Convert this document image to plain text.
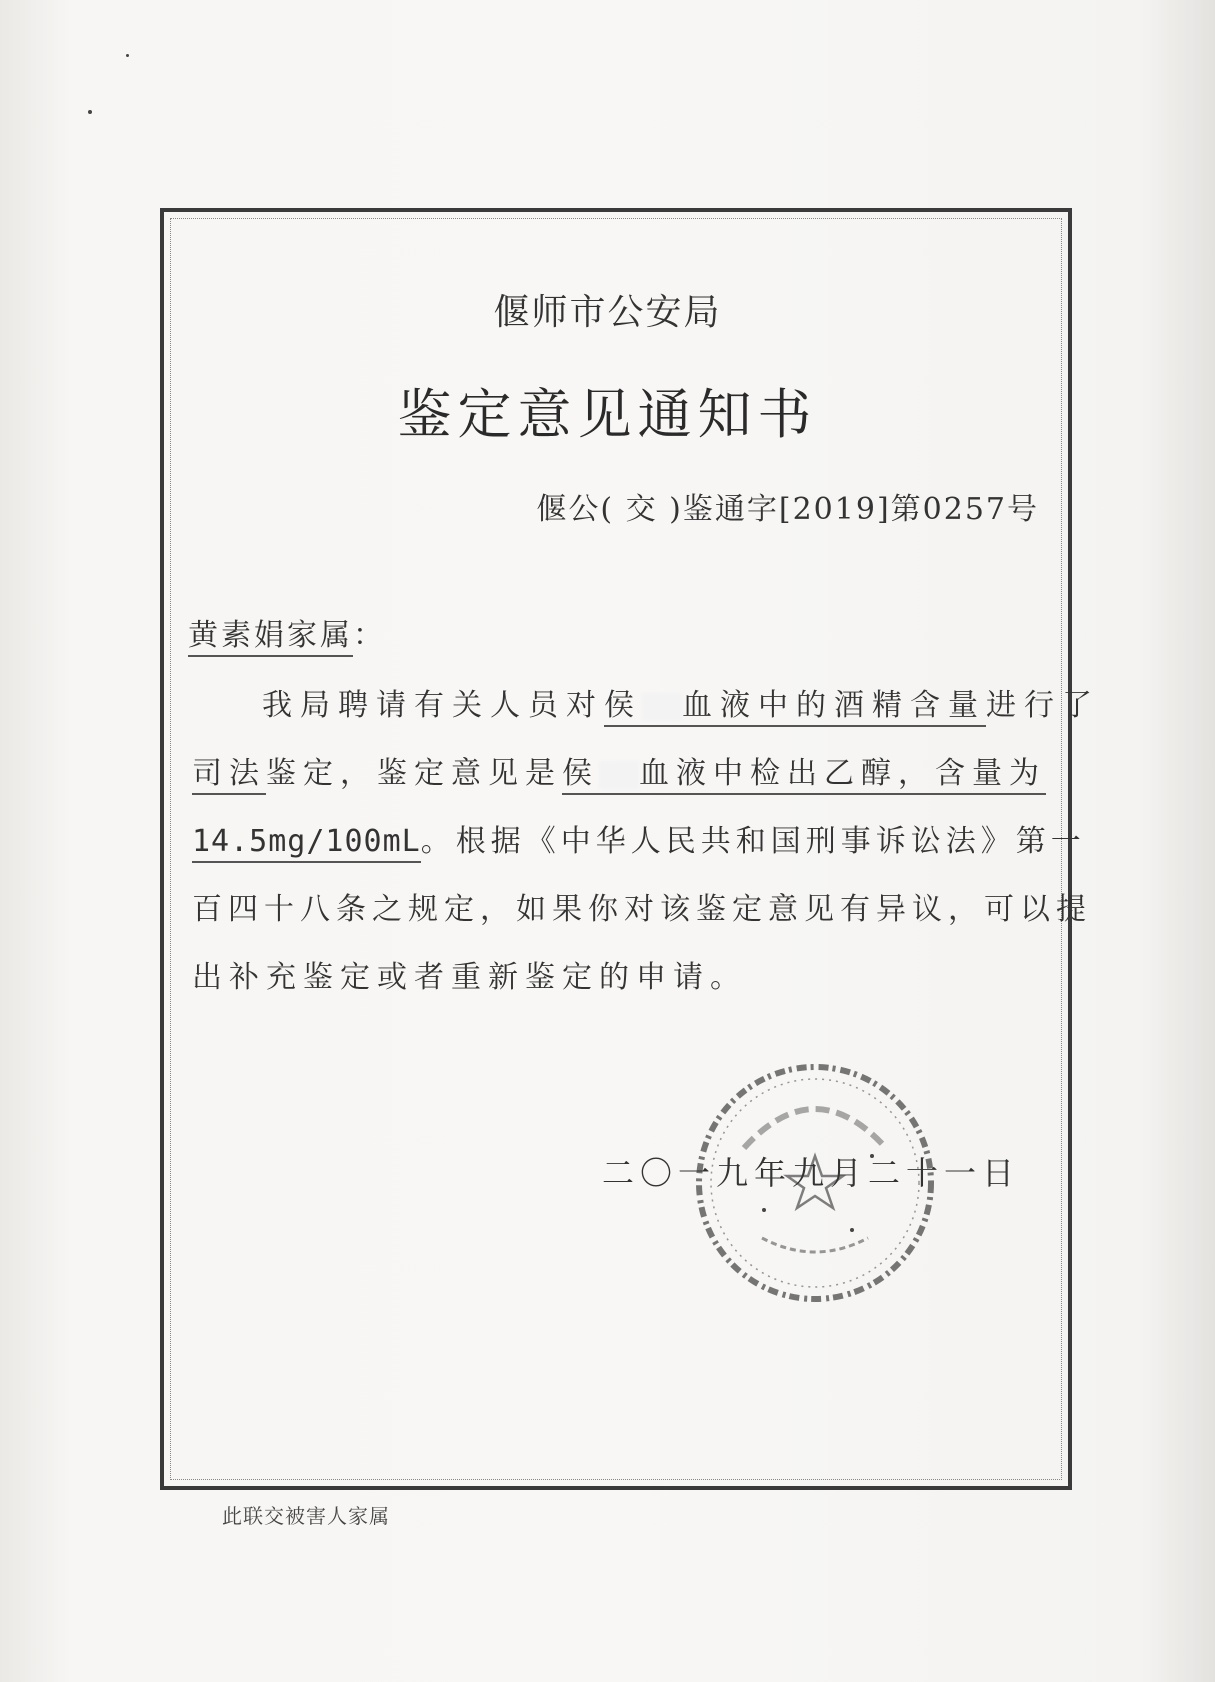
偃师市公安局
鉴定意见通知书
偃公( 交 )鉴通字[2019]第0257号
黄素娟家属：
我局聘请有关人员对侯 血液中的酒精含量进行了
司法鉴定，鉴定意见是侯 血液中检出乙醇，含量为
14.5mg/100mL。根据《中华人民共和国刑事诉讼法》第一
百四十八条之规定，如果你对该鉴定意见有异议，可以提
出补充鉴定或者重新鉴定的申请。
二〇一九年九月二十一日
此联交被害人家属
